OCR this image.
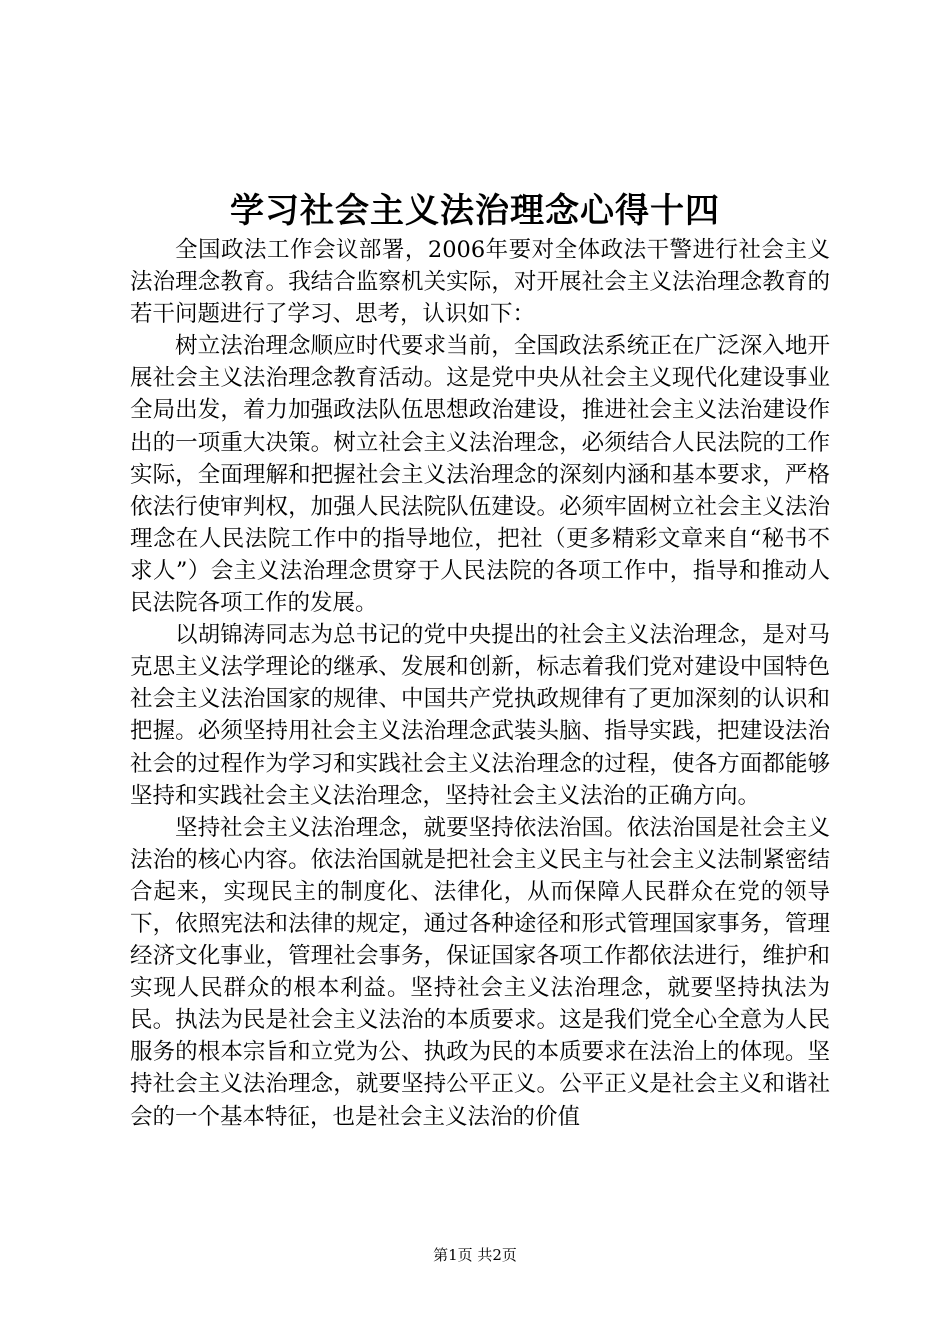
学习社会主义法治理念心得十四

全国政法工作会议部署，2006年要对全体政法干警进行社会主义法治理念教育。我结合监察机关实际，对开展社会主义法治理念教育的若干问题进行了学习、思考，认识如下：

树立法治理念顺应时代要求当前，全国政法系统正在广泛深入地开展社会主义法治理念教育活动。这是党中央从社会主义现代化建设事业全局出发，着力加强政法队伍思想政治建设，推进社会主义法治建设作出的一项重大决策。树立社会主义法治理念，必须结合人民法院的工作实际，全面理解和把握社会主义法治理念的深刻内涵和基本要求，严格依法行使审判权，加强人民法院队伍建设。必须牢固树立社会主义法治理念在人民法院工作中的指导地位，把社（更多精彩文章来自“秘书不求人”）会主义法治理念贯穿于人民法院的各项工作中，指导和推动人民法院各项工作的发展。

以胡锦涛同志为总书记的党中央提出的社会主义法治理念，是对马克思主义法学理论的继承、发展和创新，标志着我们党对建设中国特色社会主义法治国家的规律、中国共产党执政规律有了更加深刻的认识和把握。必须坚持用社会主义法治理念武装头脑、指导实践，把建设法治社会的过程作为学习和实践社会主义法治理念的过程，使各方面都能够坚持和实践社会主义法治理念，坚持社会主义法治的正确方向。

坚持社会主义法治理念，就要坚持依法治国。依法治国是社会主义法治的核心内容。依法治国就是把社会主义民主与社会主义法制紧密结合起来，实现民主的制度化、法律化，从而保障人民群众在党的领导下，依照宪法和法律的规定，通过各种途径和形式管理国家事务，管理经济文化事业，管理社会事务，保证国家各项工作都依法进行，维护和实现人民群众的根本利益。坚持社会主义法治理念，就要坚持执法为民。执法为民是社会主义法治的本质要求。这是我们党全心全意为人民服务的根本宗旨和立党为公、执政为民的本质要求在法治上的体现。坚持社会主义法治理念，就要坚持公平正义。公平正义是社会主义和谐社会的一个基本特征，也是社会主义法治的价值

第1页 共2页
